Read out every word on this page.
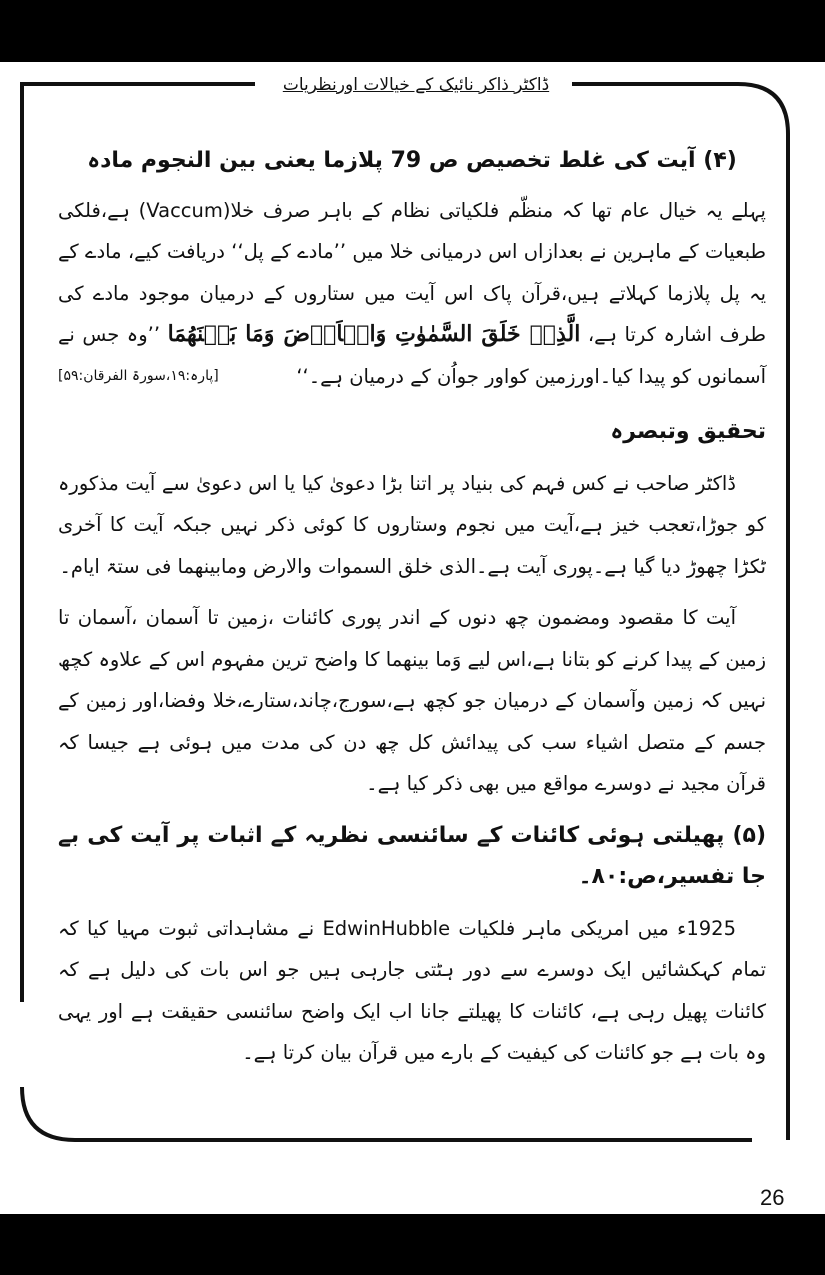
ڈاکٹر ذاکر نائیک کے خیالات اورنظریات

(۴) آیت کی غلط تخصیص ص 79 پلازما یعنی بین النجوم مادہ

پہلے یہ خیال عام تھا کہ منظّم فلکیاتی نظام کے باہر صرف خلا(Vaccum) ہے،فلکی طبعیات کے ماہرین نے بعدازاں اس درمیانی خلا میں ’’مادے کے پل‘‘ دریافت کیے، مادے کے یہ پل پلازما کہلاتے ہیں،قرآن پاک اس آیت میں ستاروں کے درمیان موجود مادے کی طرف اشارہ کرتا ہے، الَّذِىۡ خَلَقَ السَّمٰوٰتِ وَالۡاَرۡضَ وَمَا بَيۡنَهُمَا ’’وہ جس نے آسمانوں کو پیدا کیا۔اورزمین کواور جواُن کے درمیان ہے۔‘‘
[پارہ:۱۹،سورۃ الفرقان:۵۹]

تحقیق وتبصرہ

ڈاکٹر صاحب نے کس فہم کی بنیاد پر اتنا بڑا دعویٰ کیا یا اس دعویٰ سے آیت مذکورہ کو جوڑا،تعجب خیز ہے،آیت میں نجوم وستاروں کا کوئی ذکر نہیں جبکہ آیت کا آخری ٹکڑا چھوڑ دیا گیا ہے۔پوری آیت ہے۔الذی خلق السموات والارض ومابینھما فی ستۃ ایام۔

آیت کا مقصود ومضمون چھ دنوں کے اندر پوری کائنات ،زمین تا آسمان ،آسمان تا زمین کے پیدا کرنے کو بتانا ہے،اس لیے وَما بینھما کا واضح ترین مفہوم اس کے علاوہ کچھ نہیں کہ زمین وآسمان کے درمیان جو کچھ ہے،سورج،چاند،ستارے،خلا وفضا،اور زمین کے جسم کے متصل اشیاء سب کی پیدائش کل چھ دن کی مدت میں ہوئی ہے جیسا کہ قرآن مجید نے دوسرے مواقع میں بھی ذکر کیا ہے۔

(۵) پھیلتی ہوئی کائنات کے سائنسی نظریہ کے اثبات پر آیت کی بے جا تفسیر،ص:۸۰۔

1925ء میں امریکی ماہر فلکیات EdwinHubble نے مشاہداتی ثبوت مہیا کیا کہ تمام کہکشائیں ایک دوسرے سے دور ہٹتی جارہی ہیں جو اس بات کی دلیل ہے کہ کائنات پھیل رہی ہے، کائنات کا پھیلتے جانا اب ایک واضح سائنسی حقیقت ہے اور یہی وہ بات ہے جو کائنات کی کیفیت کے بارے میں قرآن بیان کرتا ہے۔

26
